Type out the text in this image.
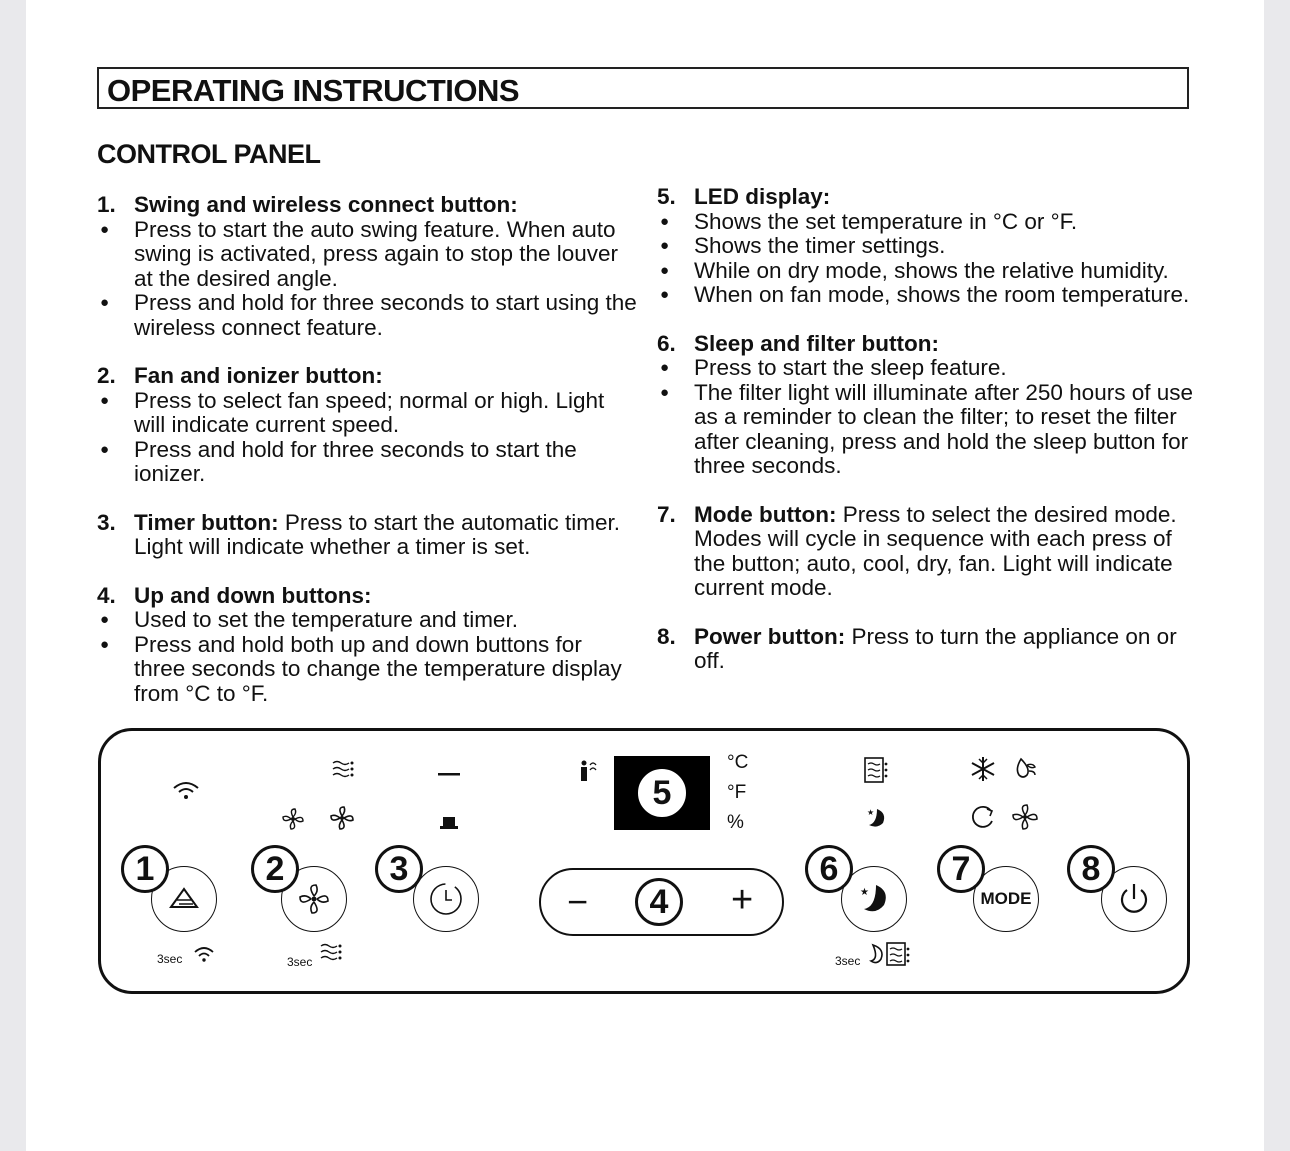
OPERATING INSTRUCTIONS
CONTROL PANEL
1. Swing and wireless connect button:
● Press to start the auto swing feature. When auto swing is activated, press again to stop the louver at the desired angle.
● Press and hold for three seconds to start using the wireless connect feature.
2. Fan and ionizer button:
● Press to select fan speed; normal or high. Light will indicate current speed.
● Press and hold for three seconds to start the ionizer.
3. Timer button: Press to start the automatic timer. Light will indicate whether a timer is set.
4. Up and down buttons:
● Used to set the temperature and timer.
● Press and hold both up and down buttons for three seconds to change the temperature display from °C to °F.
5. LED display:
● Shows the set temperature in °C or °F.
● Shows the timer settings.
● While on dry mode, shows the relative humidity.
● When on fan mode, shows the room temperature.
6. Sleep and filter button:
● Press to start the sleep feature.
● The filter light will illuminate after 250 hours of use as a reminder to clean the filter; to reset the filter after cleaning, press and hold the sleep button for three seconds.
7. Mode button: Press to select the desired mode. Modes will cycle in sequence with each press of the button; auto, cool, dry, fan. Light will indicate current mode.
8. Power button: Press to turn the appliance on or off.
1
3sec
2
3sec
3
−	+
4
5
°C
°F
%	★
★
6
3sec
MODE
7	8
